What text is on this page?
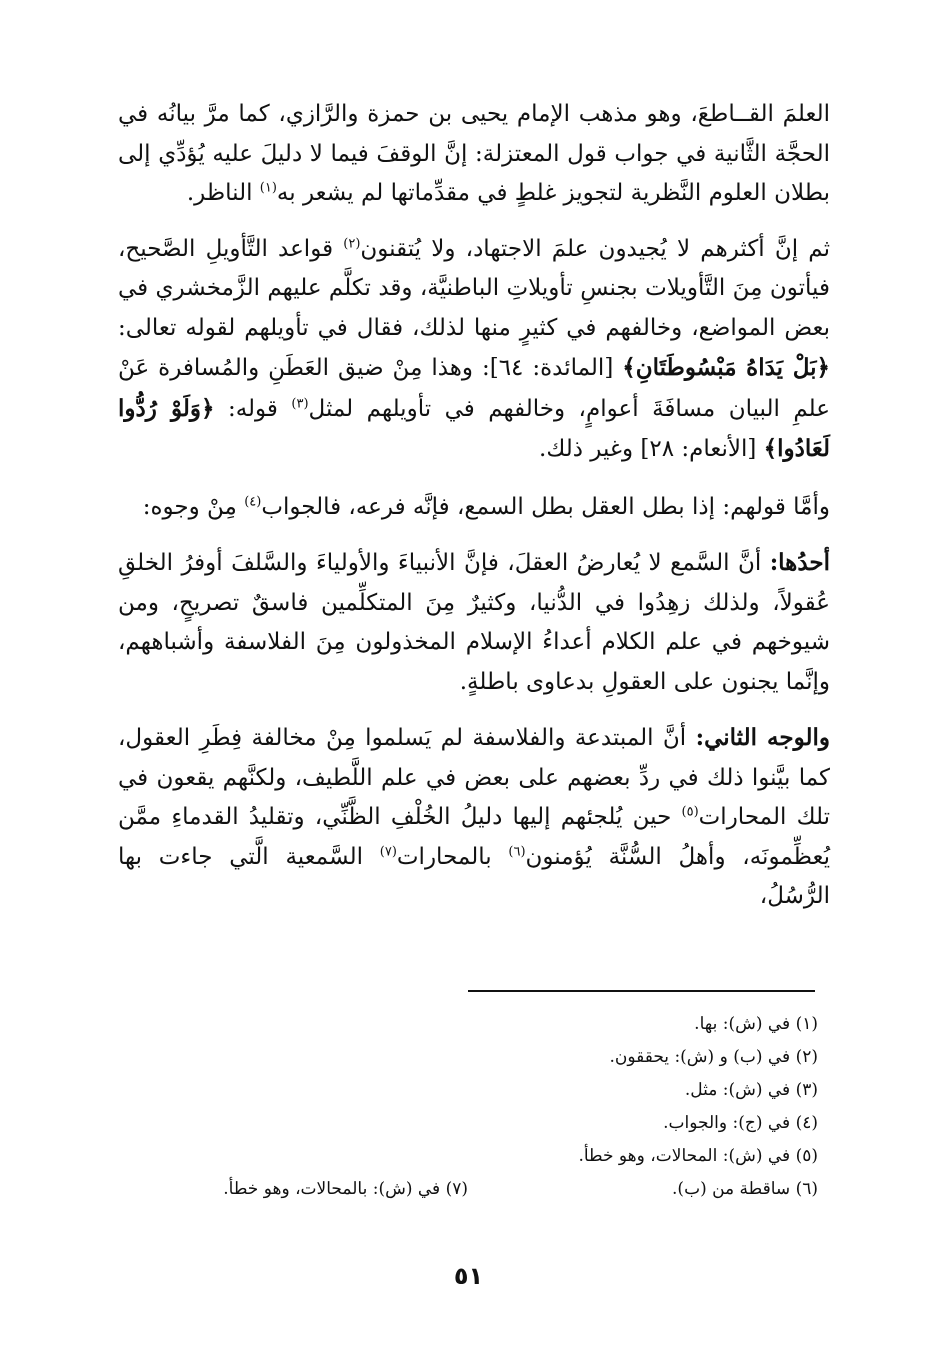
العلمَ القــاطعَ، وهو مذهب الإمام يحيى بن حمزة والرَّازي، كما مرَّ بيانُه في الحجَّة الثَّانية في جواب قول المعتزلة: إنَّ الوقفَ فيما لا دليلَ عليه يُؤدِّي إلى بطلان العلوم النَّظرية لتجويز غلطٍ في مقدِّماتها لم يشعر به$^{(١)}$ الناظر.

ثم إنَّ أكثرهم لا يُجيدون علمَ الاجتهاد، ولا يُتقنون$^{(٢)}$ قواعد التَّأويلِ الصَّحيح، فيأتون مِنَ التَّأويلات بجنسِ تأويلاتِ الباطنيَّة، وقد تكلَّم عليهم الزَّمخشري في بعض المواضع، وخالفهم في كثيرٍ منها لذلك، فقال في تأويلهم لقوله تعالى: ﴿بَلْ يَدَاهُ مَبْسُوطَتَانِ﴾ [المائدة: ٦٤]: وهذا مِنْ ضيق العَطَنِ والمُسافرة عَنْ علمِ البيان مسافَةَ أعوامٍ، وخالفهم في تأويلهم لمثل$^{(٣)}$ قوله: ﴿وَلَوْ رُدُّوا لَعَادُوا﴾ [الأنعام: ٢٨] وغير ذلك.

وأمَّا قولهم: إذا بطل العقل بطل السمع، فإنَّه فرعه، فالجواب$^{(٤)}$ مِنْ وجوه:

أحدُها: أنَّ السَّمع لا يُعارضُ العقلَ، فإنَّ الأنبياءَ والأولياءَ والسَّلفَ أوفرُ الخلقِ عُقولاً، ولذلك زهِدُوا في الدُّنيا، وكثيرٌ مِنَ المتكلِّمين فاسقٌ تصريحٍ، ومن شيوخهم في علم الكلام أعداءُ الإسلام المخذولون مِنَ الفلاسفة وأشباههم، وإنَّما يجنون على العقولِ بدعاوى باطلةٍ.

والوجه الثاني: أنَّ المبتدعة والفلاسفة لم يَسلموا مِنْ مخالفة فِطَرِ العقول، كما بيَّنوا ذلك في ردِّ بعضهم على بعض في علم اللَّطيف، ولكنَّهم يقعون في تلك المحارات$^{(٥)}$ حين يُلجئهم إليها دليلُ الخُلْفِ الظَّنِّي، وتقليدُ القدماءِ ممَّن يُعظِّمونَه، وأهلُ السُّنَّة يُؤمنون$^{(٦)}$ بالمحارات$^{(٧)}$ السَّمعية الَّتي جاءت بها الرُّسُلُ،

(١) في (ش): بها.

(٢) في (ب) و (ش): يحققون.

(٣) في (ش): مثل.

(٤) في (ج): والجواب.

(٥) في (ش): المحالات، وهو خطأ.

(٦) ساقطة من (ب).

(٧) في (ش): بالمحالات، وهو خطأ.

٥١
